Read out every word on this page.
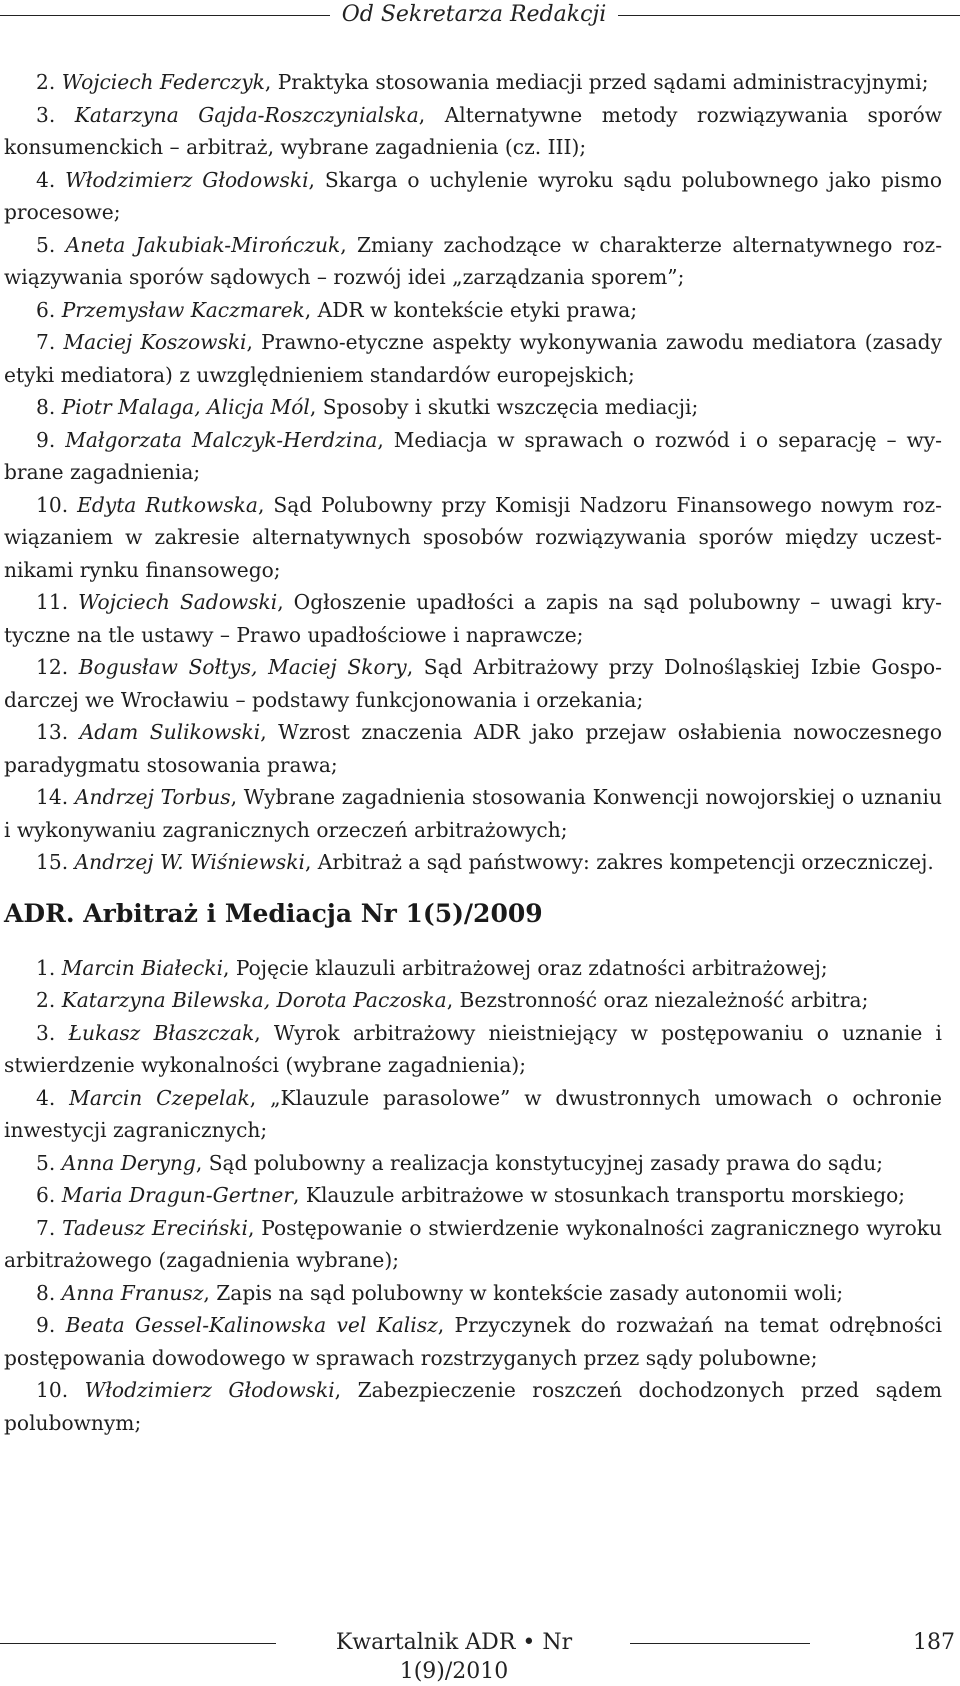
Od Sekretarza Redakcji

2. Wojciech Federczyk, Praktyka stosowania mediacji przed sądami administracyjnymi;

3. Katarzyna Gajda-Roszczynialska, Alternatywne metody rozwiązywania sporów konsumenckich – arbitraż, wybrane zagadnienia (cz. III);

4. Włodzimierz Głodowski, Skarga o uchylenie wyroku sądu polubownego jako pismo procesowe;

5. Aneta Jakubiak-Mirończuk, Zmiany zachodzące w charakterze alternatywnego rozwiązywania sporów sądowych – rozwój idei „zarządzania sporem”;

6. Przemysław Kaczmarek, ADR w kontekście etyki prawa;

7. Maciej Koszowski, Prawno-etyczne aspekty wykonywania zawodu mediatora (zasady etyki mediatora) z uwzględnieniem standardów europejskich;

8. Piotr Malaga, Alicja Mól, Sposoby i skutki wszczęcia mediacji;

9. Małgorzata Malczyk-Herdzina, Mediacja w sprawach o rozwód i o separację – wybrane zagadnienia;

10. Edyta Rutkowska, Sąd Polubowny przy Komisji Nadzoru Finansowego nowym rozwiązaniem w zakresie alternatywnych sposobów rozwiązywania sporów między uczestnikami rynku finansowego;

11. Wojciech Sadowski, Ogłoszenie upadłości a zapis na sąd polubowny – uwagi krytyczne na tle ustawy – Prawo upadłościowe i naprawcze;

12. Bogusław Sołtys, Maciej Skory, Sąd Arbitrażowy przy Dolnośląskiej Izbie Gospodarczej we Wrocławiu – podstawy funkcjonowania i orzekania;

13. Adam Sulikowski, Wzrost znaczenia ADR jako przejaw osłabienia nowoczesnego paradygmatu stosowania prawa;

14. Andrzej Torbus, Wybrane zagadnienia stosowania Konwencji nowojorskiej o uznaniu i wykonywaniu zagranicznych orzeczeń arbitrażowych;

15. Andrzej W. Wiśniewski, Arbitraż a sąd państwowy: zakres kompetencji orzeczniczej.

ADR. Arbitraż i Mediacja Nr 1(5)/2009

1. Marcin Białecki, Pojęcie klauzuli arbitrażowej oraz zdatności arbitrażowej;

2. Katarzyna Bilewska, Dorota Paczoska, Bezstronność oraz niezależność arbitra;

3. Łukasz Błaszczak, Wyrok arbitrażowy nieistniejący w postępowaniu o uznanie i stwierdzenie wykonalności (wybrane zagadnienia);

4. Marcin Czepelak, „Klauzule parasolowe” w dwustronnych umowach o ochronie inwestycji zagranicznych;

5. Anna Deryng, Sąd polubowny a realizacja konstytucyjnej zasady prawa do sądu;

6. Maria Dragun-Gertner, Klauzule arbitrażowe w stosunkach transportu morskiego;

7. Tadeusz Ereciński, Postępowanie o stwierdzenie wykonalności zagranicznego wyroku arbitrażowego (zagadnienia wybrane);

8. Anna Franusz, Zapis na sąd polubowny w kontekście zasady autonomii woli;

9. Beata Gessel-Kalinowska vel Kalisz, Przyczynek do rozważań na temat odrębności postępowania dowodowego w sprawach rozstrzyganych przez sądy polubowne;

10. Włodzimierz Głodowski, Zabezpieczenie roszczeń dochodzonych przed sądem polubownym;

Kwartalnik ADR • Nr 1(9)/2010
187
